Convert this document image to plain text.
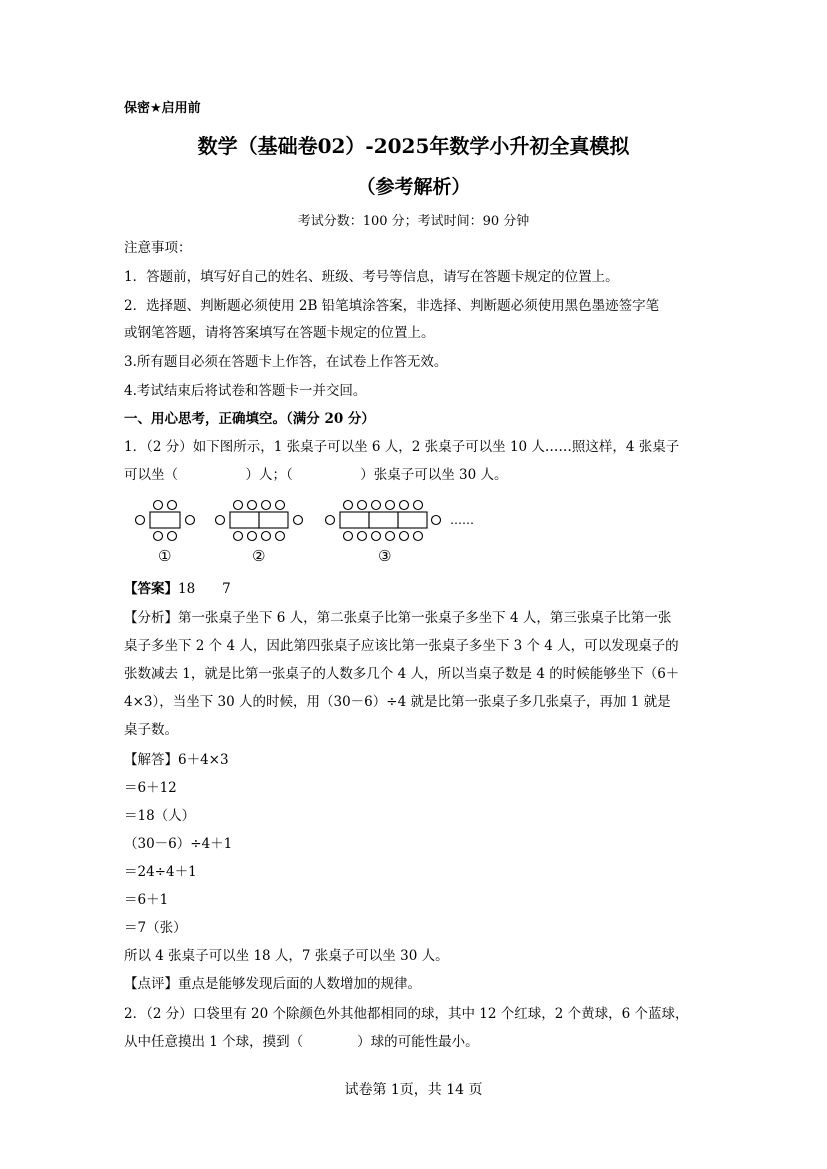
保密★启用前
数学（基础卷02）-2025年数学小升初全真模拟
（参考解析）
考试分数：100 分；考试时间：90 分钟
注意事项：
1．答题前，填写好自己的姓名、班级、考号等信息，请写在答题卡规定的位置上。
2．选择题、判断题必须使用 2B 铅笔填涂答案，非选择、判断题必须使用黑色墨迹签字笔
或钢笔答题，请将答案填写在答题卡规定的位置上。
3.所有题目必须在答题卡上作答，在试卷上作答无效。
4.考试结束后将试卷和答题卡一并交回。
一、用心思考，正确填空。（满分 20 分）
1．（2 分）如下图所示，1 张桌子可以坐 6 人，2 张桌子可以坐 10 人……照这样，4 张桌子
可以坐（　　　　　）人；（　　　　　）张桌子可以坐 30 人。
……
①	②	③
【答案】18　　7
【分析】第一张桌子坐下 6 人，第二张桌子比第一张桌子多坐下 4 人，第三张桌子比第一张
桌子多坐下 2 个 4 人，因此第四张桌子应该比第一张桌子多坐下 3 个 4 人，可以发现桌子的
张数减去 1，就是比第一张桌子的人数多几个 4 人，所以当桌子数是 4 的时候能够坐下（6＋
4×3），当坐下 30 人的时候，用（30－6）÷4 就是比第一张桌子多几张桌子，再加 1 就是
桌子数。
【解答】6＋4×3
＝6＋12
＝18（人）
（30－6）÷4＋1
＝24÷4＋1
＝6＋1
＝7（张）
所以 4 张桌子可以坐 18 人，7 张桌子可以坐 30 人。
【点评】重点是能够发现后面的人数增加的规律。
2．（2 分）口袋里有 20 个除颜色外其他都相同的球，其中 12 个红球，2 个黄球，6 个蓝球，
从中任意摸出 1 个球，摸到（　　　　）球的可能性最小。
试卷第 1页，共 14 页
